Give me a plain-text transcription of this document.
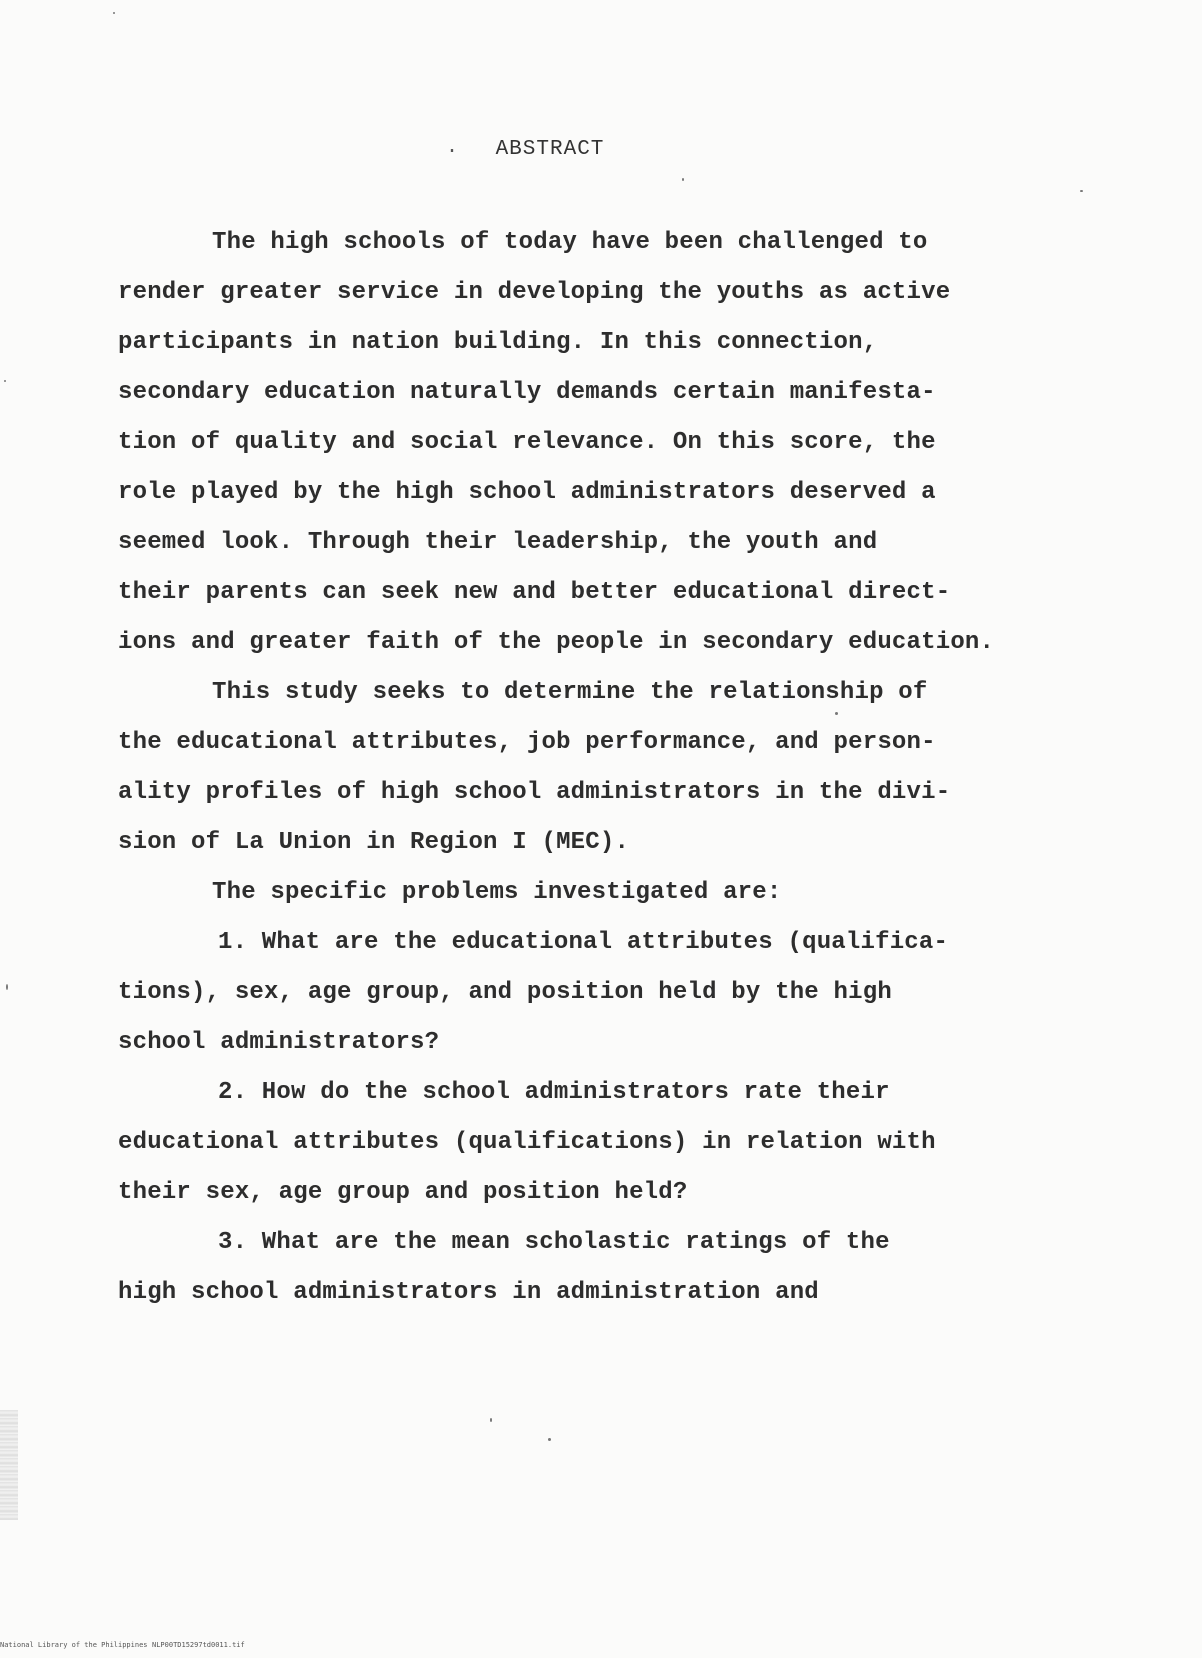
·	ABSTRACT
The high schools of today have been challenged to
render greater service in developing the youths as active
participants in nation building. In this connection,
secondary education naturally demands certain manifesta-
tion of quality and social relevance. On this score, the
role played by the high school administrators deserved a
seemed look. Through their leadership, the youth and
their parents can seek new and better educational direct-
ions and greater faith of the people in secondary education.
This study seeks to determine the relationship of
the educational attributes, job performance, and person-
ality profiles of high school administrators in the divi-
sion of La Union in Region I (MEC).
The specific problems investigated are:
1. What are the educational attributes (qualifica-
tions), sex, age group, and position held by the high
school administrators?
2. How do the school administrators rate their
educational attributes (qualifications) in relation with
their sex, age group and position held?
3. What are the mean scholastic ratings of the
high school administrators in administration and
National Library of the Philippines NLP00TD15297td0011.tif
